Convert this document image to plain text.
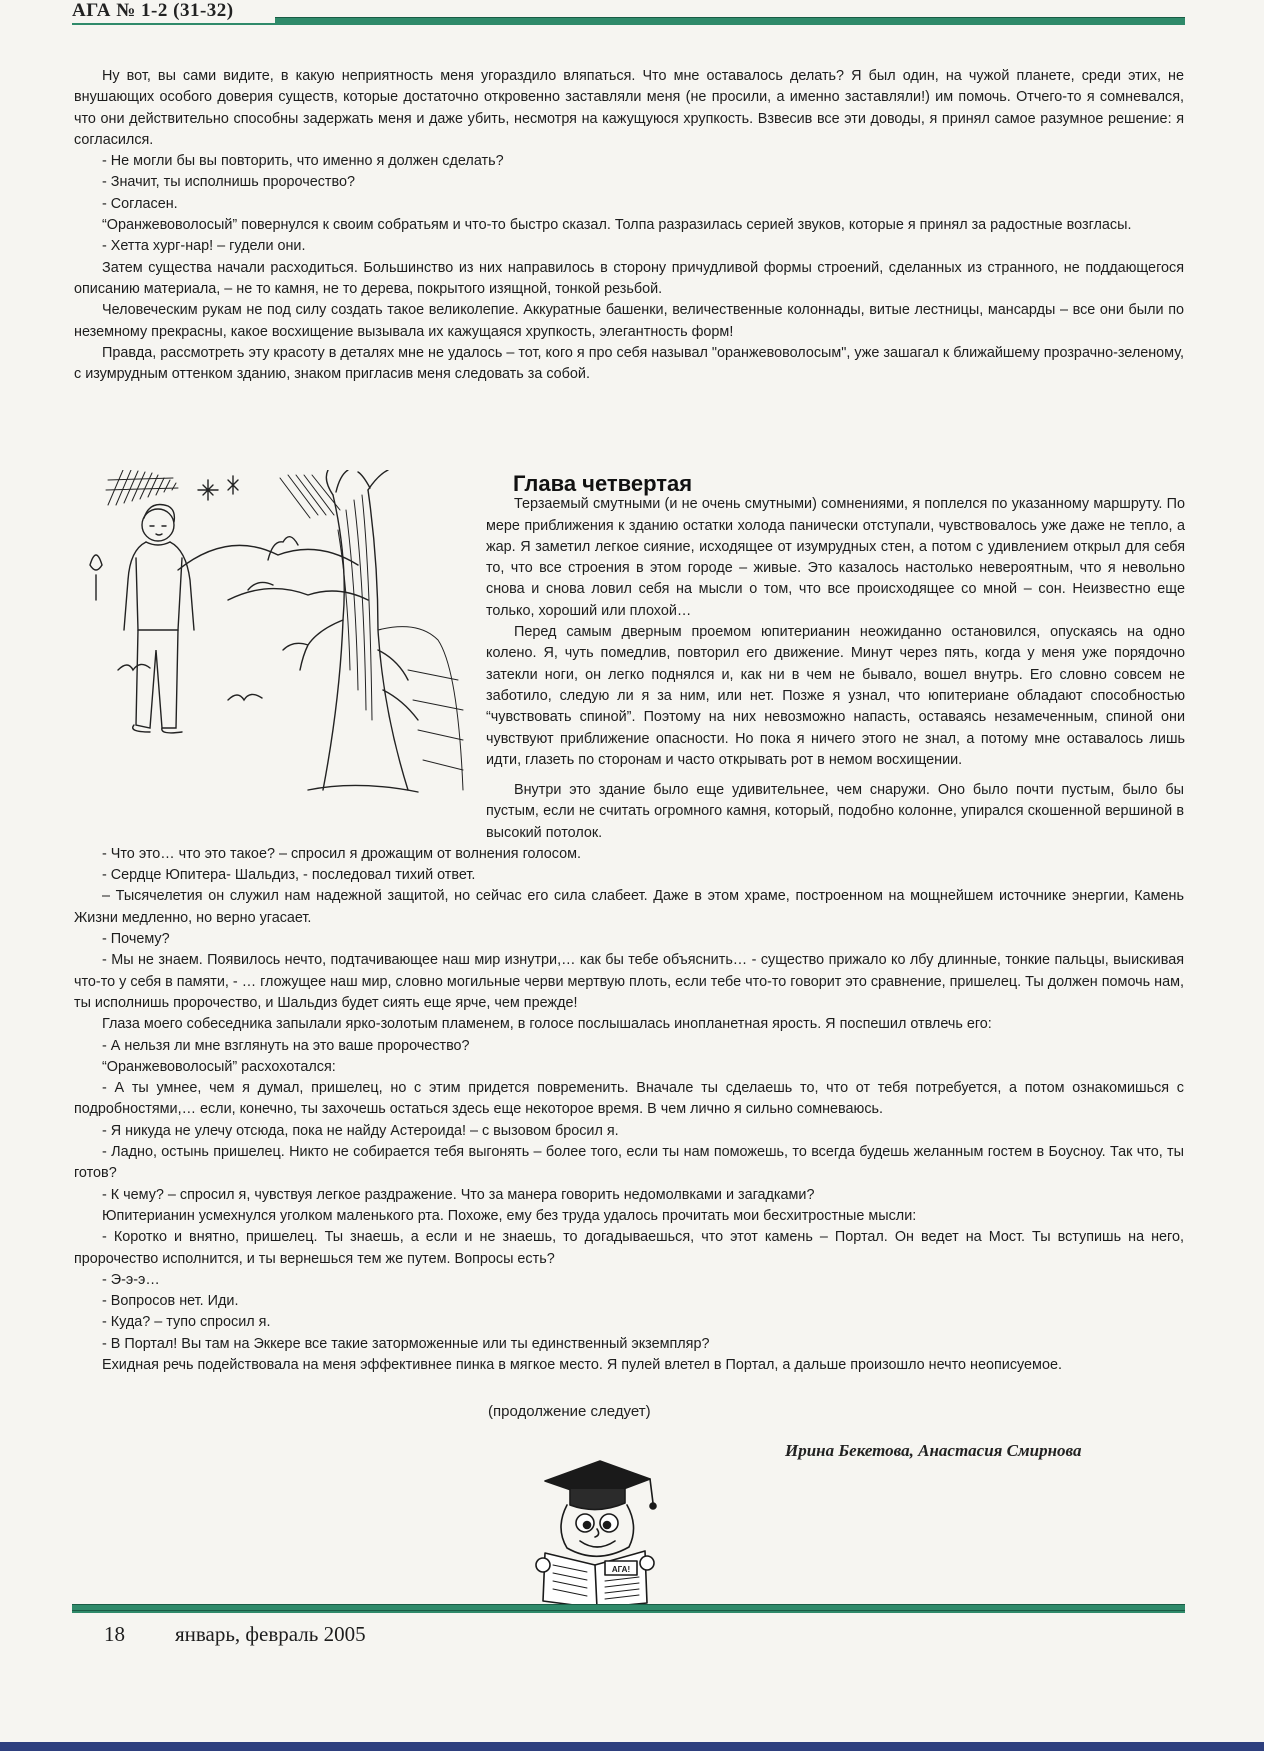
АГА № 1-2 (31-32)

Ну вот, вы сами видите, в какую неприятность меня угораздило вляпаться. Что мне оставалось делать? Я был один, на чужой планете, среди этих, не внушающих особого доверия существ, которые достаточно откровенно заставляли меня (не просили, а именно заставляли!) им помочь. Отчего-то я сомневался, что они действительно способны задержать меня и даже убить, несмотря на кажущуюся хрупкость. Взвесив все эти доводы, я принял самое разумное решение: я согласился.

- Не могли бы вы повторить, что именно я должен сделать?

- Значит, ты исполнишь пророчество?

- Согласен.

“Оранжевоволосый” повернулся к своим собратьям и что-то быстро сказал. Толпа разразилась серией звуков, которые я принял за радостные возгласы.

- Хетта хург-нар! – гудели они.

Затем существа начали расходиться. Большинство из них направилось в сторону причудливой формы строений, сделанных из странного, не поддающегося описанию материала, – не то камня, не то дерева, покрытого изящной, тонкой резьбой.

Человеческим рукам не под силу создать такое великолепие. Аккуратные башенки, величественные колоннады, витые лестницы, мансарды – все они были по неземному прекрасны, какое восхищение вызывала их кажущаяся хрупкость, элегантность форм!

Правда, рассмотреть эту красоту в деталях мне не удалось – тот, кого я про себя называл "оранжевоволосым", уже зашагал к ближайшему прозрачно-зеленому, с изумрудным оттенком зданию, знаком пригласив меня следовать за собой.

Глава четвертая

Терзаемый смутными (и не очень смутными) сомнениями, я поплелся по указанному маршруту. По мере приближения к зданию остатки холода панически отступали, чувствовалось уже даже не тепло, а жар. Я заметил легкое сияние, исходящее от изумрудных стен, а потом с удивлением открыл для себя то, что все строения в этом городе – живые. Это казалось настолько невероятным, что я невольно снова и снова ловил себя на мысли о том, что все происходящее со мной – сон. Неизвестно еще только, хороший или плохой…

Перед самым дверным проемом юпитерианин неожиданно остановился, опускаясь на одно колено. Я, чуть помедлив, повторил его движение. Минут через пять, когда у меня уже порядочно затекли ноги, он легко поднялся и, как ни в чем не бывало, вошел внутрь. Его словно совсем не заботило, следую ли я за ним, или нет. Позже я узнал, что юпитериане обладают способностью “чувствовать спиной”. Поэтому на них невозможно напасть, оставаясь незамеченным, спиной они чувствуют приближение опасности. Но пока я ничего этого не знал, а потому мне оставалось лишь идти, глазеть по сторонам и часто открывать рот в немом восхищении.

Внутри это здание было еще удивительнее, чем снаружи. Оно было почти пустым, было бы пустым, если не считать огромного камня, который, подобно колонне, упирался скошенной вершиной в высокий потолок.

- Что это… что это такое? – спросил я дрожащим от волнения голосом.

- Сердце Юпитера- Шальдиз, - последовал тихий ответ.

– Тысячелетия он служил нам надежной защитой, но сейчас его сила слабеет. Даже в этом храме, построенном на мощнейшем источнике энергии, Камень Жизни медленно, но верно угасает.

- Почему?

- Мы не знаем. Появилось нечто, подтачивающее наш мир изнутри,… как бы тебе объяснить… - существо прижало ко лбу длинные, тонкие пальцы, выискивая что-то у себя в памяти, - … гложущее наш мир, словно могильные черви мертвую плоть, если тебе что-то говорит это сравнение, пришелец. Ты должен помочь нам, ты исполнишь пророчество, и Шальдиз будет сиять еще ярче, чем прежде!

Глаза моего собеседника запылали ярко-золотым пламенем, в голосе послышалась инопланетная ярость. Я поспешил отвлечь его:

- А нельзя ли мне взглянуть на это ваше пророчество?

“Оранжевоволосый” расхохотался:

- А ты умнее, чем я думал, пришелец, но с этим придется повременить. Вначале ты сделаешь то, что от тебя потребуется, а потом ознакомишься с подробностями,… если, конечно, ты захочешь остаться здесь еще некоторое время. В чем лично я сильно сомневаюсь.

- Я никуда не улечу отсюда, пока не найду Астероида! – с вызовом бросил я.

- Ладно, остынь пришелец. Никто не собирается тебя выгонять – более того, если ты нам поможешь, то всегда будешь желанным гостем в Боусноу. Так что, ты готов?

- К чему? – спросил я, чувствуя легкое раздражение. Что за манера говорить недомолвками и загадками?

Юпитерианин усмехнулся уголком маленького рта. Похоже, ему без труда удалось прочитать мои бесхитростные мысли:

- Коротко и внятно, пришелец. Ты знаешь, а если и не знаешь, то догадываешься, что этот камень – Портал. Он ведет на Мост. Ты вступишь на него, пророчество исполнится, и ты вернешься тем же путем. Вопросы есть?

- Э-э-э…

- Вопросов нет. Иди.

- Куда? – тупо спросил я.

- В Портал! Вы там на Эккере все такие заторможенные или ты единственный экземпляр?

Ехидная речь подействовала на меня эффективнее пинка в мягкое место. Я пулей влетел в Портал, а дальше произошло нечто неописуемое.

(продолжение следует)
Ирина Бекетова, Анастасия Смирнова
АГА!
18 январь, февраль 2005
